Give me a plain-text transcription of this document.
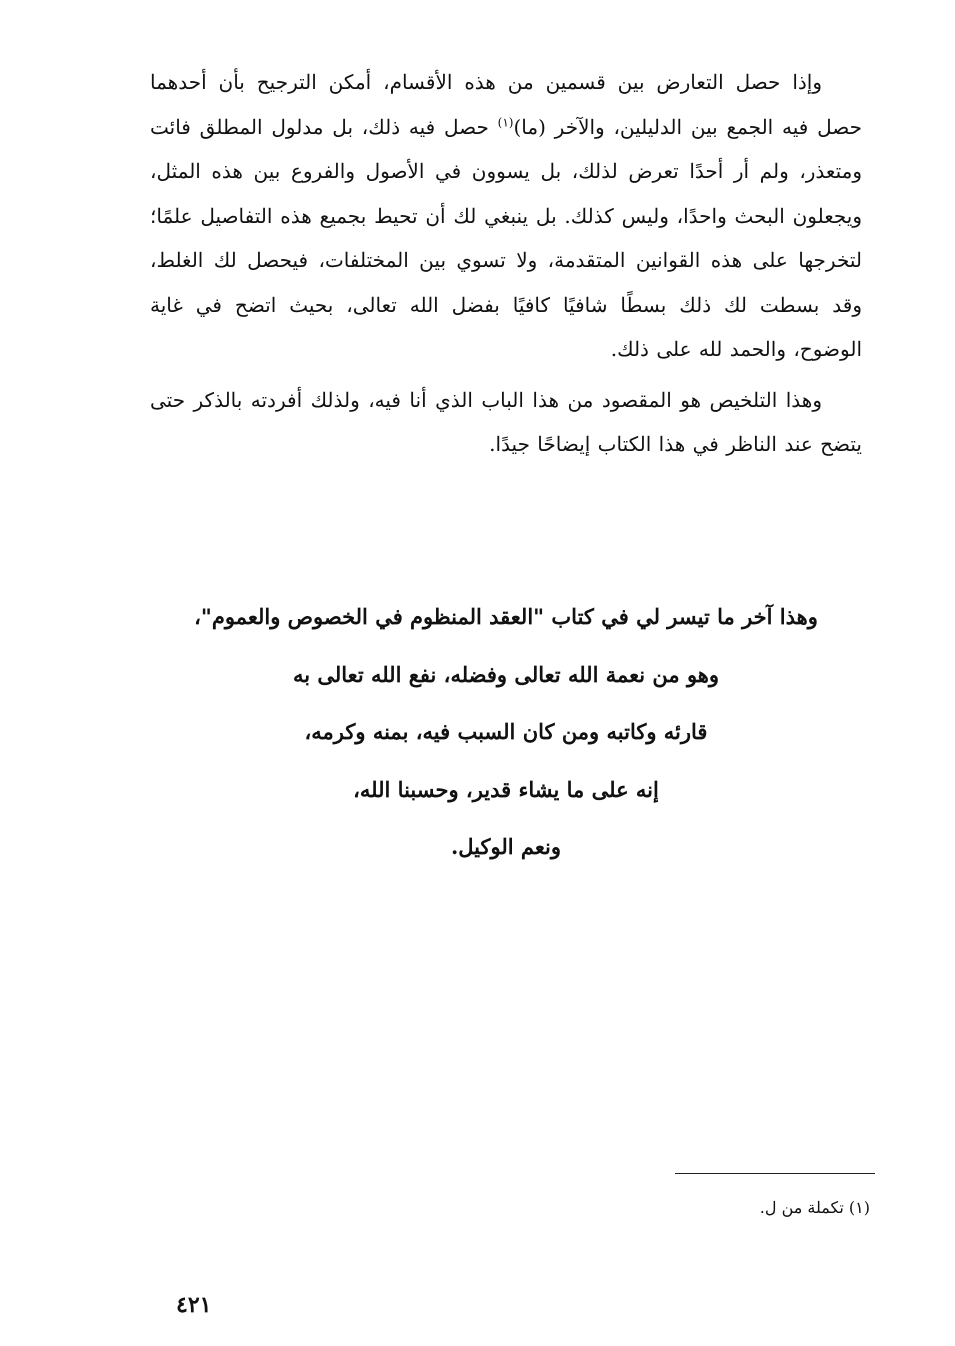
وإذا حصل التعارض بين قسمين من هذه الأقسام، أمكن الترجيح بأن أحدهما حصل فيه الجمع بين الدليلين، والآخر (ما)$^{(١)}$ حصل فيه ذلك، بل مدلول المطلق فائت ومتعذر، ولم أر أحدًا تعرض لذلك، بل يسوون في الأصول والفروع بين هذه المثل، ويجعلون البحث واحدًا، وليس كذلك. بل ينبغي لك أن تحيط بجميع هذه التفاصيل علمًا؛ لتخرجها على هذه القوانين المتقدمة، ولا تسوي بين المختلفات، فيحصل لك الغلط، وقد بسطت لك ذلك بسطًا شافيًا كافيًا بفضل الله تعالى، بحيث اتضح في غاية الوضوح، والحمد لله على ذلك.

وهذا التلخيص هو المقصود من هذا الباب الذي أنا فيه، ولذلك أفردته بالذكر حتى يتضح عند الناظر في هذا الكتاب إيضاحًا جيدًا.

وهذا آخر ما تيسر لي في كتاب "العقد المنظوم في الخصوص والعموم"،

وهو من نعمة الله تعالى وفضله، نفع الله تعالى به

قارئه وكاتبه ومن كان السبب فيه، بمنه وكرمه،

إنه على ما يشاء قدير، وحسبنا الله،

ونعم الوكيل.

(١) تكملة من ل.
٤٢١
